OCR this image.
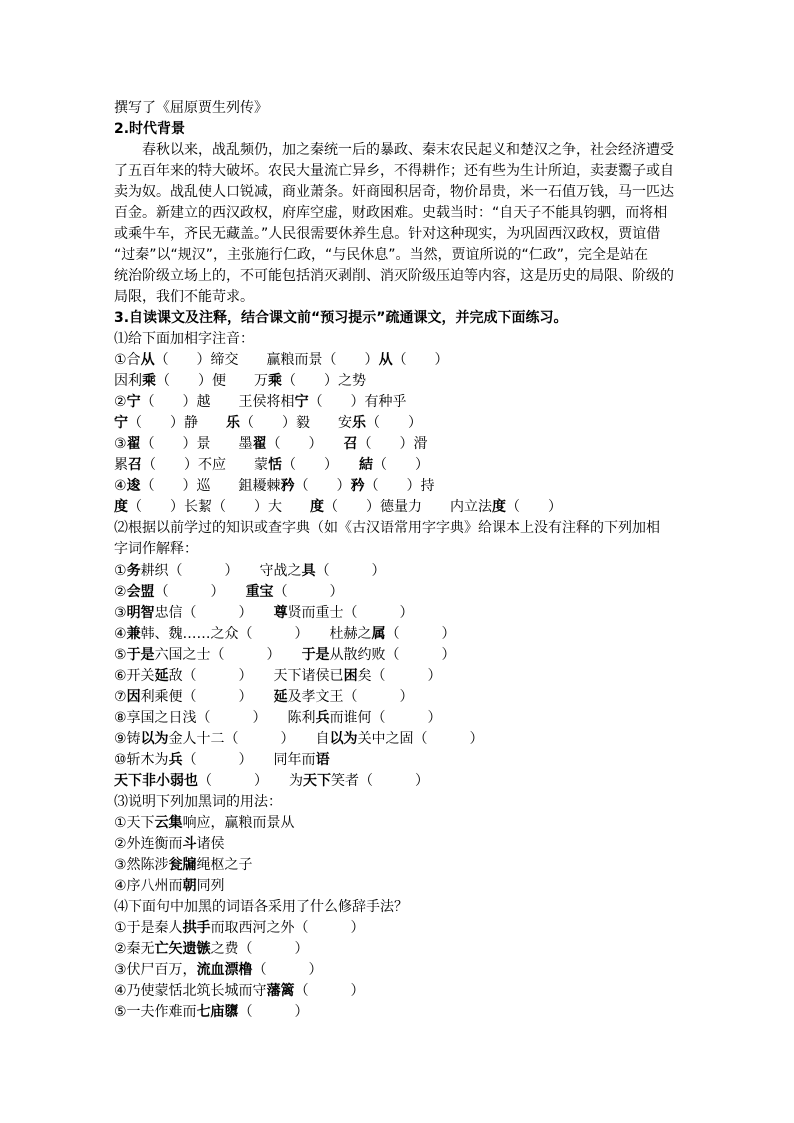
撰写了《屈原贾生列传》
2.时代背景
　　春秋以来，战乱频仍，加之秦统一后的暴政、秦末农民起义和楚汉之争，社会经济遭受
了五百年来的特大破坏。农民大量流亡异乡，不得耕作；还有些为生计所迫，卖妻鬻子或自
卖为奴。战乱使人口锐减，商业萧条。奸商囤积居奇，物价昂贵，米一石值万钱，马一匹达
百金。新建立的西汉政权，府库空虚，财政困难。史载当时：“自天子不能具钧驷，而将相
或乘牛车，齐民无藏盖。”人民很需要休养生息。针对这种现实，为巩固西汉政权，贾谊借
“过秦”以“规汉”，主张施行仁政，“与民休息”。当然，贾谊所说的“仁政”，完全是站在
统治阶级立场上的，不可能包括消灭剥削、消灭阶级压迫等内容，这是历史的局限、阶级的
局限，我们不能苛求。
3.自读课文及注释，结合课文前“预习提示”疏通课文，并完成下面练习。
⑴给下面加相字注音：
①合从（　　）缔交　　赢粮而景（　　）从（　　）
因利乘（　　）便　　万乘（　　）之势
②宁（　　）越　　王侯将相宁（　　）有种乎
宁（　　）静　　乐（　　）毅　　安乐（　　）
③翟（　　）景　　墨翟（　　）　　召（　　）滑
累召（　　）不应　　蒙恬（　　）　　結（　　）
④逡（　　）巡　　鉏耰棘矜（　　）矜（　　）持
度（　　）长絜（　　）大　　度（　　）德量力　　内立法度（　　）
⑵根据以前学过的知识或查字典（如《古汉语常用字字典》给课本上没有注释的下列加相
字词作解释：
①务耕织（　　　）　　守战之具（　　　）
②会盟（　　　）　　重宝（　　　）
③明智忠信（　　　）　　尊贤而重士（　　　）
④兼韩、魏……之众（　　　）　　杜赫之属（　　　）
⑤于是六国之士（　　　）　　于是从散约败（　　　）
⑥开关延敌（　　　）　　天下诸侯已困矣（　　　）
⑦因利乘便（　　　）　　延及孝文王（　　　）
⑧享国之日浅（　　　）　　陈利兵而谁何（　　　）
⑨铸以为金人十二（　　　）　　自以为关中之固（　　　）
⑩斩木为兵（　　　）　　同年而语
天下非小弱也（　　　）　　为天下笑者（　　　）
⑶说明下列加黑词的用法：
①天下云集响应，赢粮而景从
②外连衡而斗诸侯
③然陈涉瓮牖绳枢之子
④序八州而朝同列
⑷下面句中加黑的词语各采用了什么修辞手法？
①于是秦人拱手而取西河之外（　　　）
②秦无亡矢遗镞之费（　　　）
③伏尸百万，流血漂橹（　　　）
④乃使蒙恬北筑长城而守藩篱（　　　）
⑤一夫作难而七庙隳（　　　）
